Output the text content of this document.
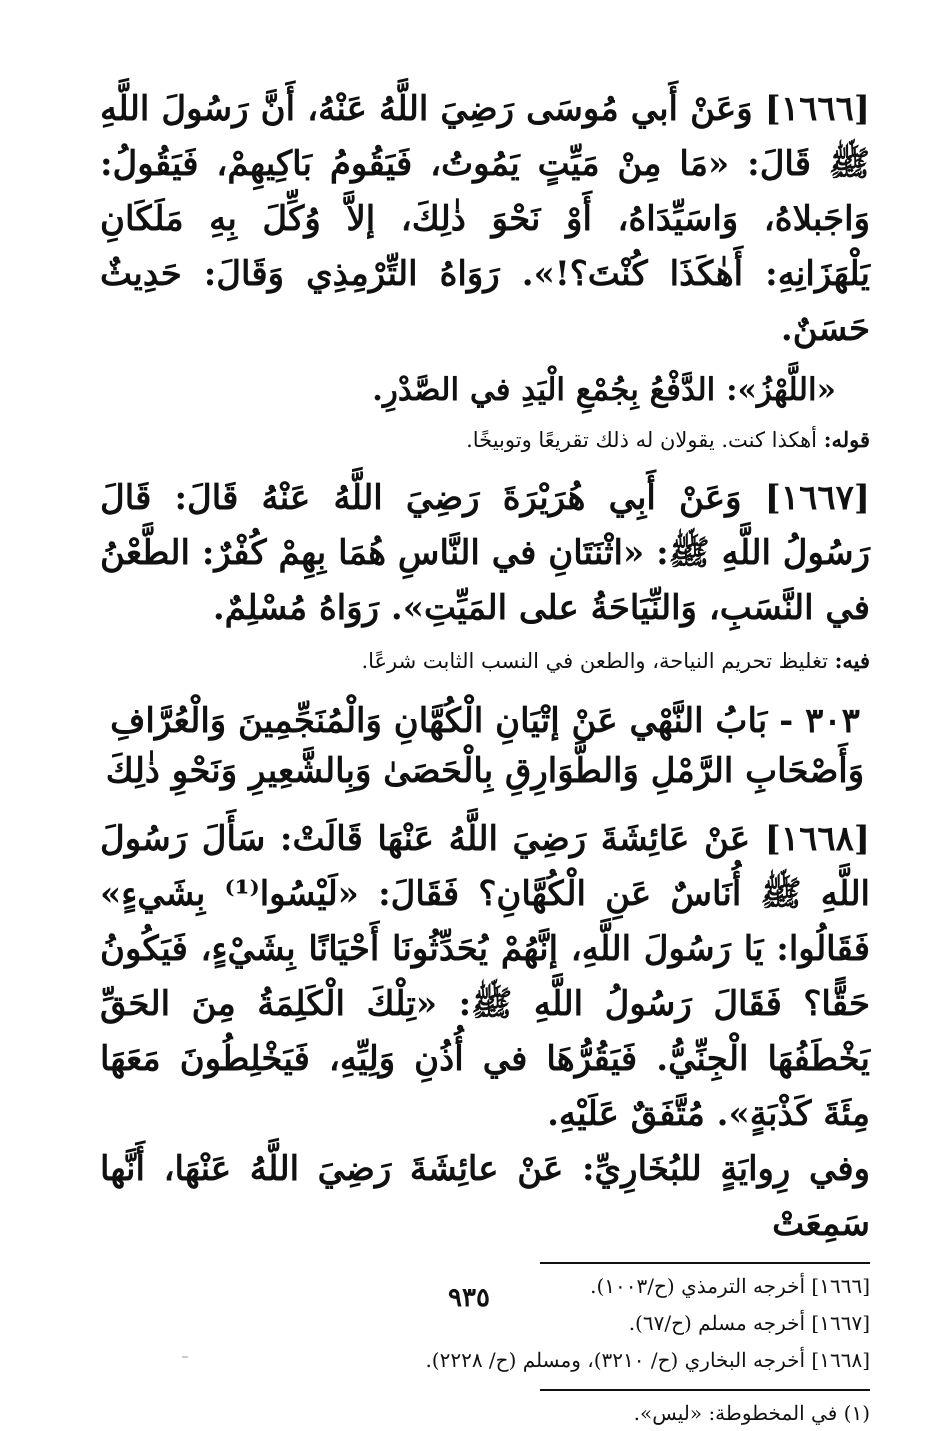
[١٦٦٦] وَعَنْ أَبي مُوسَى رَضِيَ اللَّهُ عَنْهُ، أَنَّ رَسُولَ اللَّهِ ﷺ قَالَ: «مَا مِنْ مَيِّتٍ يَمُوتُ، فَيَقُومُ بَاكِيهِمْ، فَيَقُولُ: وَاجَبلاهُ، وَاسَيِّدَاهُ، أَوْ نَحْوَ ذٰلِكَ، إلاَّ وُكِّلَ بِهِ مَلَكَانِ يَلْهَزَانِهِ: أَهٰكَذَا كُنْتَ؟!». رَوَاهُ التِّرْمِذِي وَقَالَ: حَدِيثٌ حَسَنٌ.

«اللَّهْزُ»: الدَّفْعُ بِجُمْعِ الْيَدِ في الصَّدْرِ.

قوله: أهكذا كنت. يقولان له ذلك تقريعًا وتوبيخًا.

[١٦٦٧] وَعَنْ أَبِي هُرَيْرَةَ رَضِيَ اللَّهُ عَنْهُ قَالَ: قَالَ رَسُولُ اللَّهِ ﷺ: «اثْنَتَانِ في النَّاسِ هُمَا بِهِمْ كُفْرٌ: الطَّعْنُ في النَّسَبِ، وَالنِّيَاحَةُ على المَيِّتِ». رَوَاهُ مُسْلِمٌ.

فيه: تغليظ تحريم النياحة، والطعن في النسب الثابت شرعًا.

٣٠٣ - بَابُ النَّهْي عَنْ إتْيَانِ الْكُهَّانِ وَالْمُنَجِّمِينَ وَالْعُرَّافِ وَأَصْحَابِ الرَّمْلِ وَالطَّوَارِقِ بِالْحَصَىٰ وَبِالشَّعِيرِ وَنَحْوِ ذٰلِكَ

[١٦٦٨] عَنْ عَائِشَةَ رَضِيَ اللَّهُ عَنْهَا قَالَتْ: سَأَلَ رَسُولَ اللَّهِ ﷺ أُنَاسٌ عَنِ الْكُهَّانِ؟ فَقَالَ: «لَيْسُوا⁽¹⁾ بِشَيءٍ» فَقَالُوا: يَا رَسُولَ اللَّهِ، إنَّهُمْ يُحَدِّثُونَا أَحْيَانًا بِشَيْءٍ، فَيَكُونُ حَقًّا؟ فَقَالَ رَسُولُ اللَّهِ ﷺ: «تِلْكَ الْكَلِمَةُ مِنَ الحَقِّ يَخْطَفُهَا الْجِنِّيُّ. فَيَقُرُّهَا في أُذُنِ وَلِيِّهِ، فَيَخْلِطُونَ مَعَهَا مِئَةَ كَذْبَةٍ». مُتَّفَقٌ عَلَيْهِ.

وفي رِوايَةٍ للبُخَارِيِّ: عَنْ عائِشَةَ رَضِيَ اللَّهُ عَنْهَا، أَنَّها سَمِعَتْ

[١٦٦٦] أخرجه الترمذي (ح/١٠٠٣).
[١٦٦٧] أخرجه مسلم (ح/٦٧).
[١٦٦٨] أخرجه البخاري (ح/ ٣٢١٠)، ومسلم (ح/ ٢٢٢٨).

(١) في المخطوطة: «ليس».

٩٣٥
